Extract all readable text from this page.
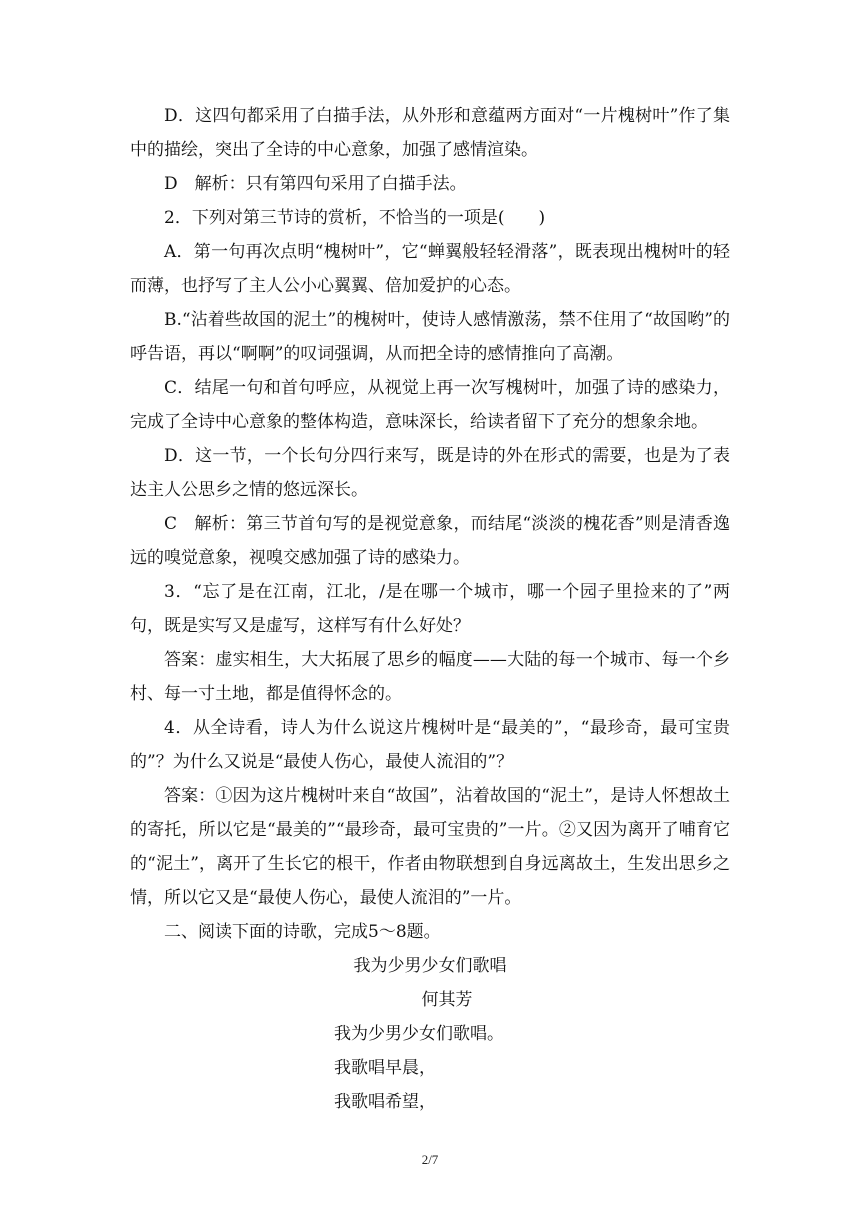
D．这四句都采用了白描手法，从外形和意蕴两方面对“一片槐树叶”作了集中的描绘，突出了全诗的中心意象，加强了感情渲染。

D　解析：只有第四句采用了白描手法。

2．下列对第三节诗的赏析，不恰当的一项是(　　)

A．第一句再次点明“槐树叶”，它“蝉翼般轻轻滑落”，既表现出槐树叶的轻而薄，也抒写了主人公小心翼翼、倍加爱护的心态。

B.“沾着些故国的泥土”的槐树叶，使诗人感情激荡，禁不住用了“故国哟”的呼告语，再以“啊啊”的叹词强调，从而把全诗的感情推向了高潮。

C．结尾一句和首句呼应，从视觉上再一次写槐树叶，加强了诗的感染力，完成了全诗中心意象的整体构造，意味深长，给读者留下了充分的想象余地。

D．这一节，一个长句分四行来写，既是诗的外在形式的需要，也是为了表达主人公思乡之情的悠远深长。

C　解析：第三节首句写的是视觉意象，而结尾“淡淡的槐花香”则是清香逸远的嗅觉意象，视嗅交感加强了诗的感染力。

3．“忘了是在江南，江北，/是在哪一个城市，哪一个园子里捡来的了”两句，既是实写又是虚写，这样写有什么好处？

答案：虚实相生，大大拓展了思乡的幅度——大陆的每一个城市、每一个乡村、每一寸土地，都是值得怀念的。

4．从全诗看，诗人为什么说这片槐树叶是“最美的”，“最珍奇，最可宝贵的”？为什么又说是“最使人伤心，最使人流泪的”？

答案：①因为这片槐树叶来自“故国”，沾着故国的“泥土”，是诗人怀想故土的寄托，所以它是“最美的”“最珍奇，最可宝贵的”一片。②又因为离开了哺育它的“泥土”，离开了生长它的根干，作者由物联想到自身远离故土，生发出思乡之情，所以它又是“最使人伤心，最使人流泪的”一片。

二、阅读下面的诗歌，完成5～8题。

我为少男少女们歌唱

何其芳

我为少男少女们歌唱。

我歌唱早晨，

我歌唱希望，

2/7
